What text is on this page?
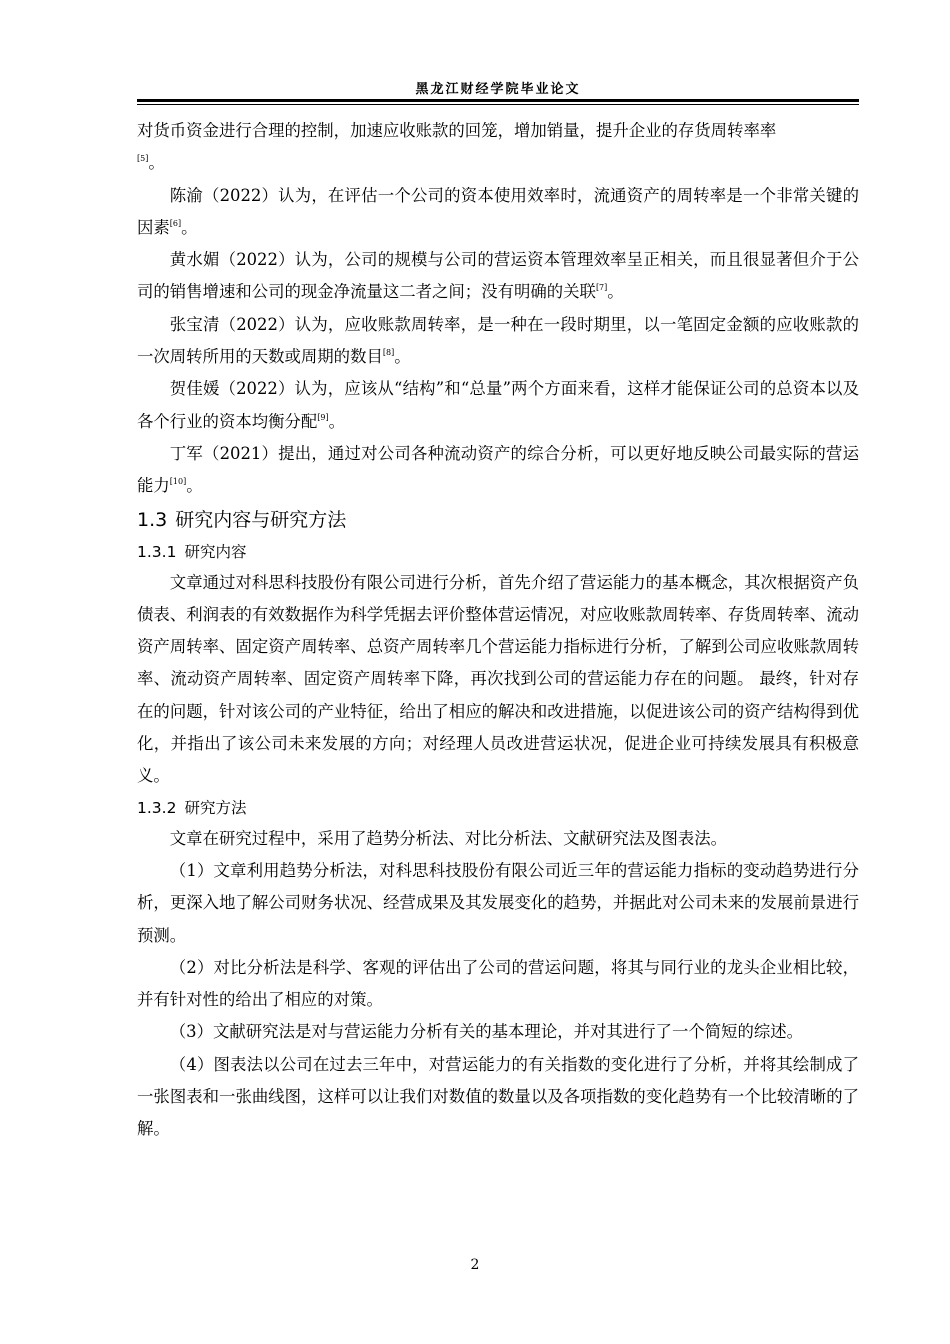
黑龙江财经学院毕业论文

对货币资金进行合理的控制，加速应收账款的回笼，增加销量，提升企业的存货周转率率
[5]。

陈渝（2022）认为，在评估一个公司的资本使用效率时，流通资产的周转率是一个非常关键的因素[6]。

黄水媚（2022）认为，公司的规模与公司的营运资本管理效率呈正相关，而且很显著但介于公司的销售增速和公司的现金净流量这二者之间；没有明确的关联[7]。

张宝清（2022）认为，应收账款周转率，是一种在一段时期里，以一笔固定金额的应收账款的一次周转所用的天数或周期的数目[8]。

贺佳媛（2022）认为，应该从“结构”和“总量”两个方面来看，这样才能保证公司的总资本以及各个行业的资本均衡分配[9]。

丁军（2021）提出，通过对公司各种流动资产的综合分析，可以更好地反映公司最实际的营运能力[10]。

1.3 研究内容与研究方法
1.3.1 研究内容

文章通过对科思科技股份有限公司进行分析，首先介绍了营运能力的基本概念，其次根据资产负债表、利润表的有效数据作为科学凭据去评价整体营运情况，对应收账款周转率、存货周转率、流动资产周转率、固定资产周转率、总资产周转率几个营运能力指标进行分析，了解到公司应收账款周转率、流动资产周转率、固定资产周转率下降，再次找到公司的营运能力存在的问题。 最终，针对存在的问题，针对该公司的产业特征，给出了相应的解决和改进措施，以促进该公司的资产结构得到优化，并指出了该公司未来发展的方向；对经理人员改进营运状况，促进企业可持续发展具有积极意义。

1.3.2 研究方法

文章在研究过程中，采用了趋势分析法、对比分析法、文献研究法及图表法。

（1）文章利用趋势分析法，对科思科技股份有限公司近三年的营运能力指标的变动趋势进行分析，更深入地了解公司财务状况、经营成果及其发展变化的趋势，并据此对公司未来的发展前景进行预测。

（2）对比分析法是科学、客观的评估出了公司的营运问题，将其与同行业的龙头企业相比较，并有针对性的给出了相应的对策。

（3）文献研究法是对与营运能力分析有关的基本理论，并对其进行了一个简短的综述。

（4）图表法以公司在过去三年中，对营运能力的有关指数的变化进行了分析，并将其绘制成了一张图表和一张曲线图，这样可以让我们对数值的数量以及各项指数的变化趋势有一个比较清晰的了解。

2
